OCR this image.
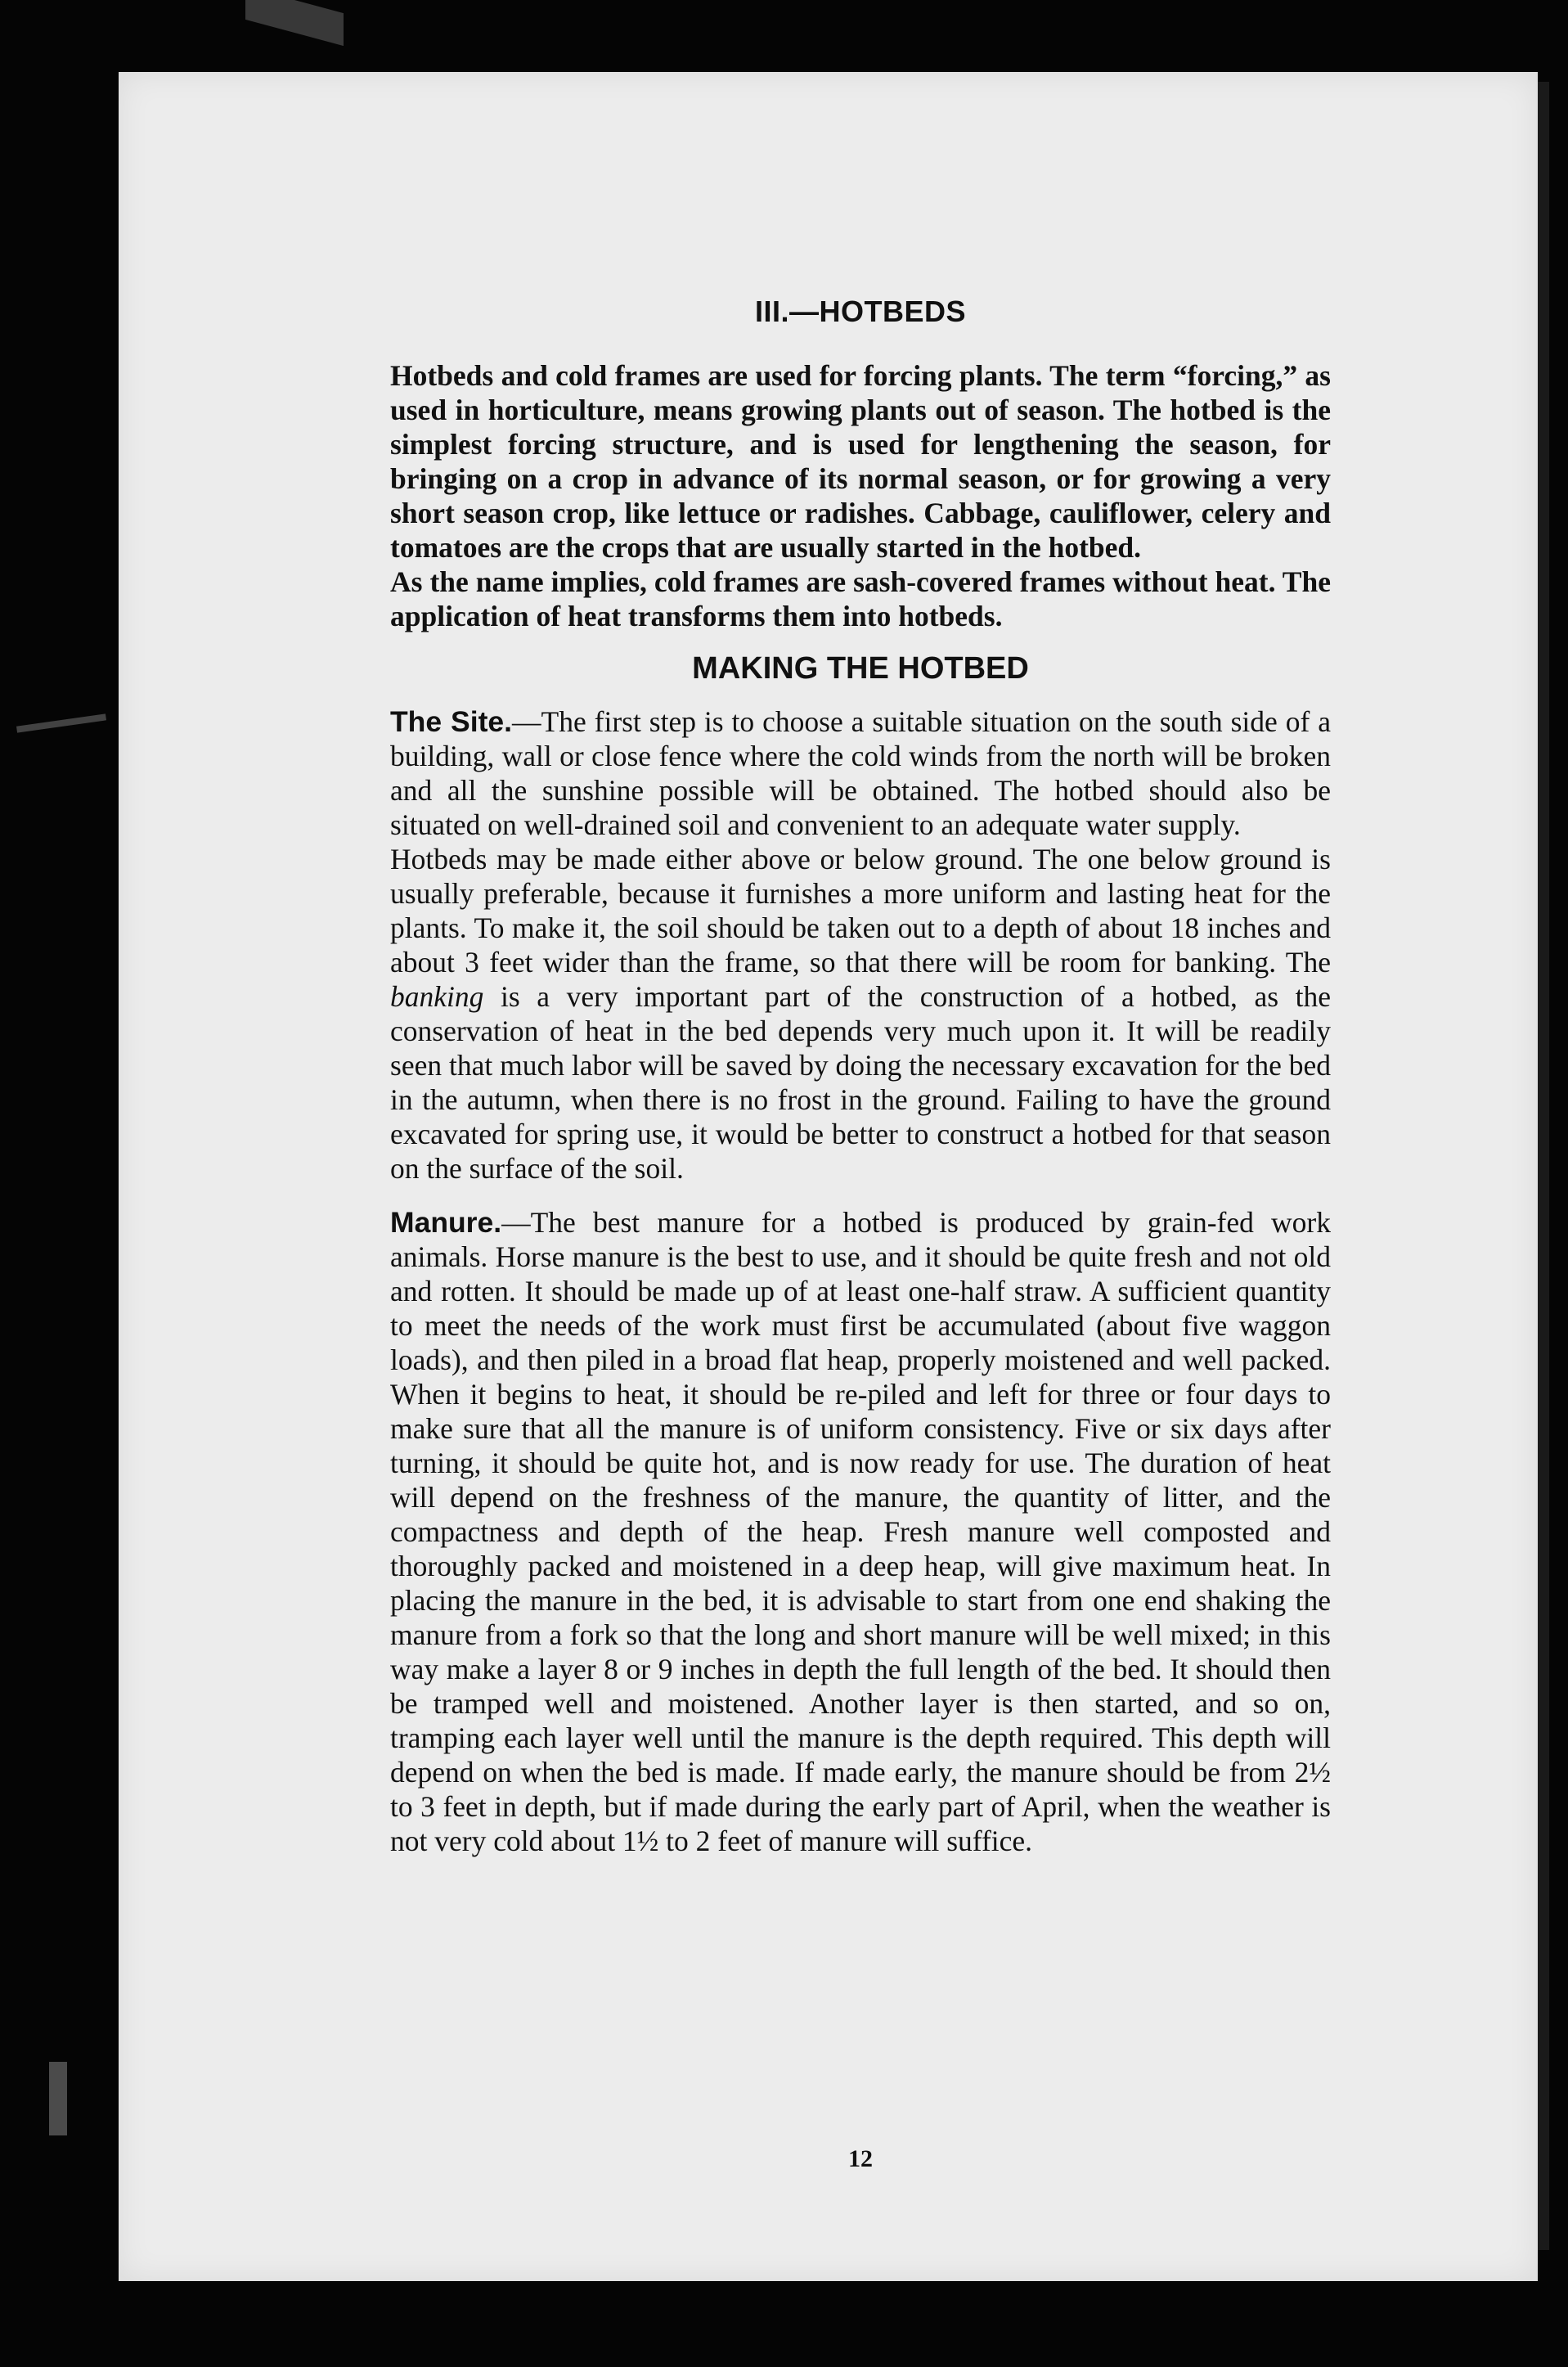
III.—HOTBEDS

Hotbeds and cold frames are used for forcing plants. The term “forcing,” as used in horticulture, means growing plants out of season. The hotbed is the simplest forcing structure, and is used for lengthening the season, for bringing on a crop in advance of its normal season, or for growing a very short season crop, like lettuce or radishes. Cabbage, cauliflower, celery and tomatoes are the crops that are usually started in the hotbed.

As the name implies, cold frames are sash-covered frames without heat. The application of heat transforms them into hotbeds.

MAKING THE HOTBED

The Site.—The first step is to choose a suitable situation on the south side of a building, wall or close fence where the cold winds from the north will be broken and all the sunshine possible will be obtained. The hotbed should also be situated on well-drained soil and convenient to an adequate water supply.

Hotbeds may be made either above or below ground. The one below ground is usually preferable, because it furnishes a more uniform and lasting heat for the plants. To make it, the soil should be taken out to a depth of about 18 inches and about 3 feet wider than the frame, so that there will be room for banking. The banking is a very important part of the construction of a hotbed, as the conservation of heat in the bed depends very much upon it. It will be readily seen that much labor will be saved by doing the necessary excavation for the bed in the autumn, when there is no frost in the ground. Failing to have the ground excavated for spring use, it would be better to construct a hotbed for that season on the surface of the soil.

Manure.—The best manure for a hotbed is produced by grain-fed work animals. Horse manure is the best to use, and it should be quite fresh and not old and rotten. It should be made up of at least one-half straw. A sufficient quantity to meet the needs of the work must first be accumulated (about five waggon loads), and then piled in a broad flat heap, properly moistened and well packed. When it begins to heat, it should be re-piled and left for three or four days to make sure that all the manure is of uniform consistency. Five or six days after turning, it should be quite hot, and is now ready for use. The duration of heat will depend on the freshness of the manure, the quantity of litter, and the compactness and depth of the heap. Fresh manure well composted and thoroughly packed and moistened in a deep heap, will give maximum heat. In placing the manure in the bed, it is advisable to start from one end shaking the manure from a fork so that the long and short manure will be well mixed; in this way make a layer 8 or 9 inches in depth the full length of the bed. It should then be tramped well and moistened. Another layer is then started, and so on, tramping each layer well until the manure is the depth required. This depth will depend on when the bed is made. If made early, the manure should be from 2½ to 3 feet in depth, but if made during the early part of April, when the weather is not very cold about 1½ to 2 feet of manure will suffice.

12
